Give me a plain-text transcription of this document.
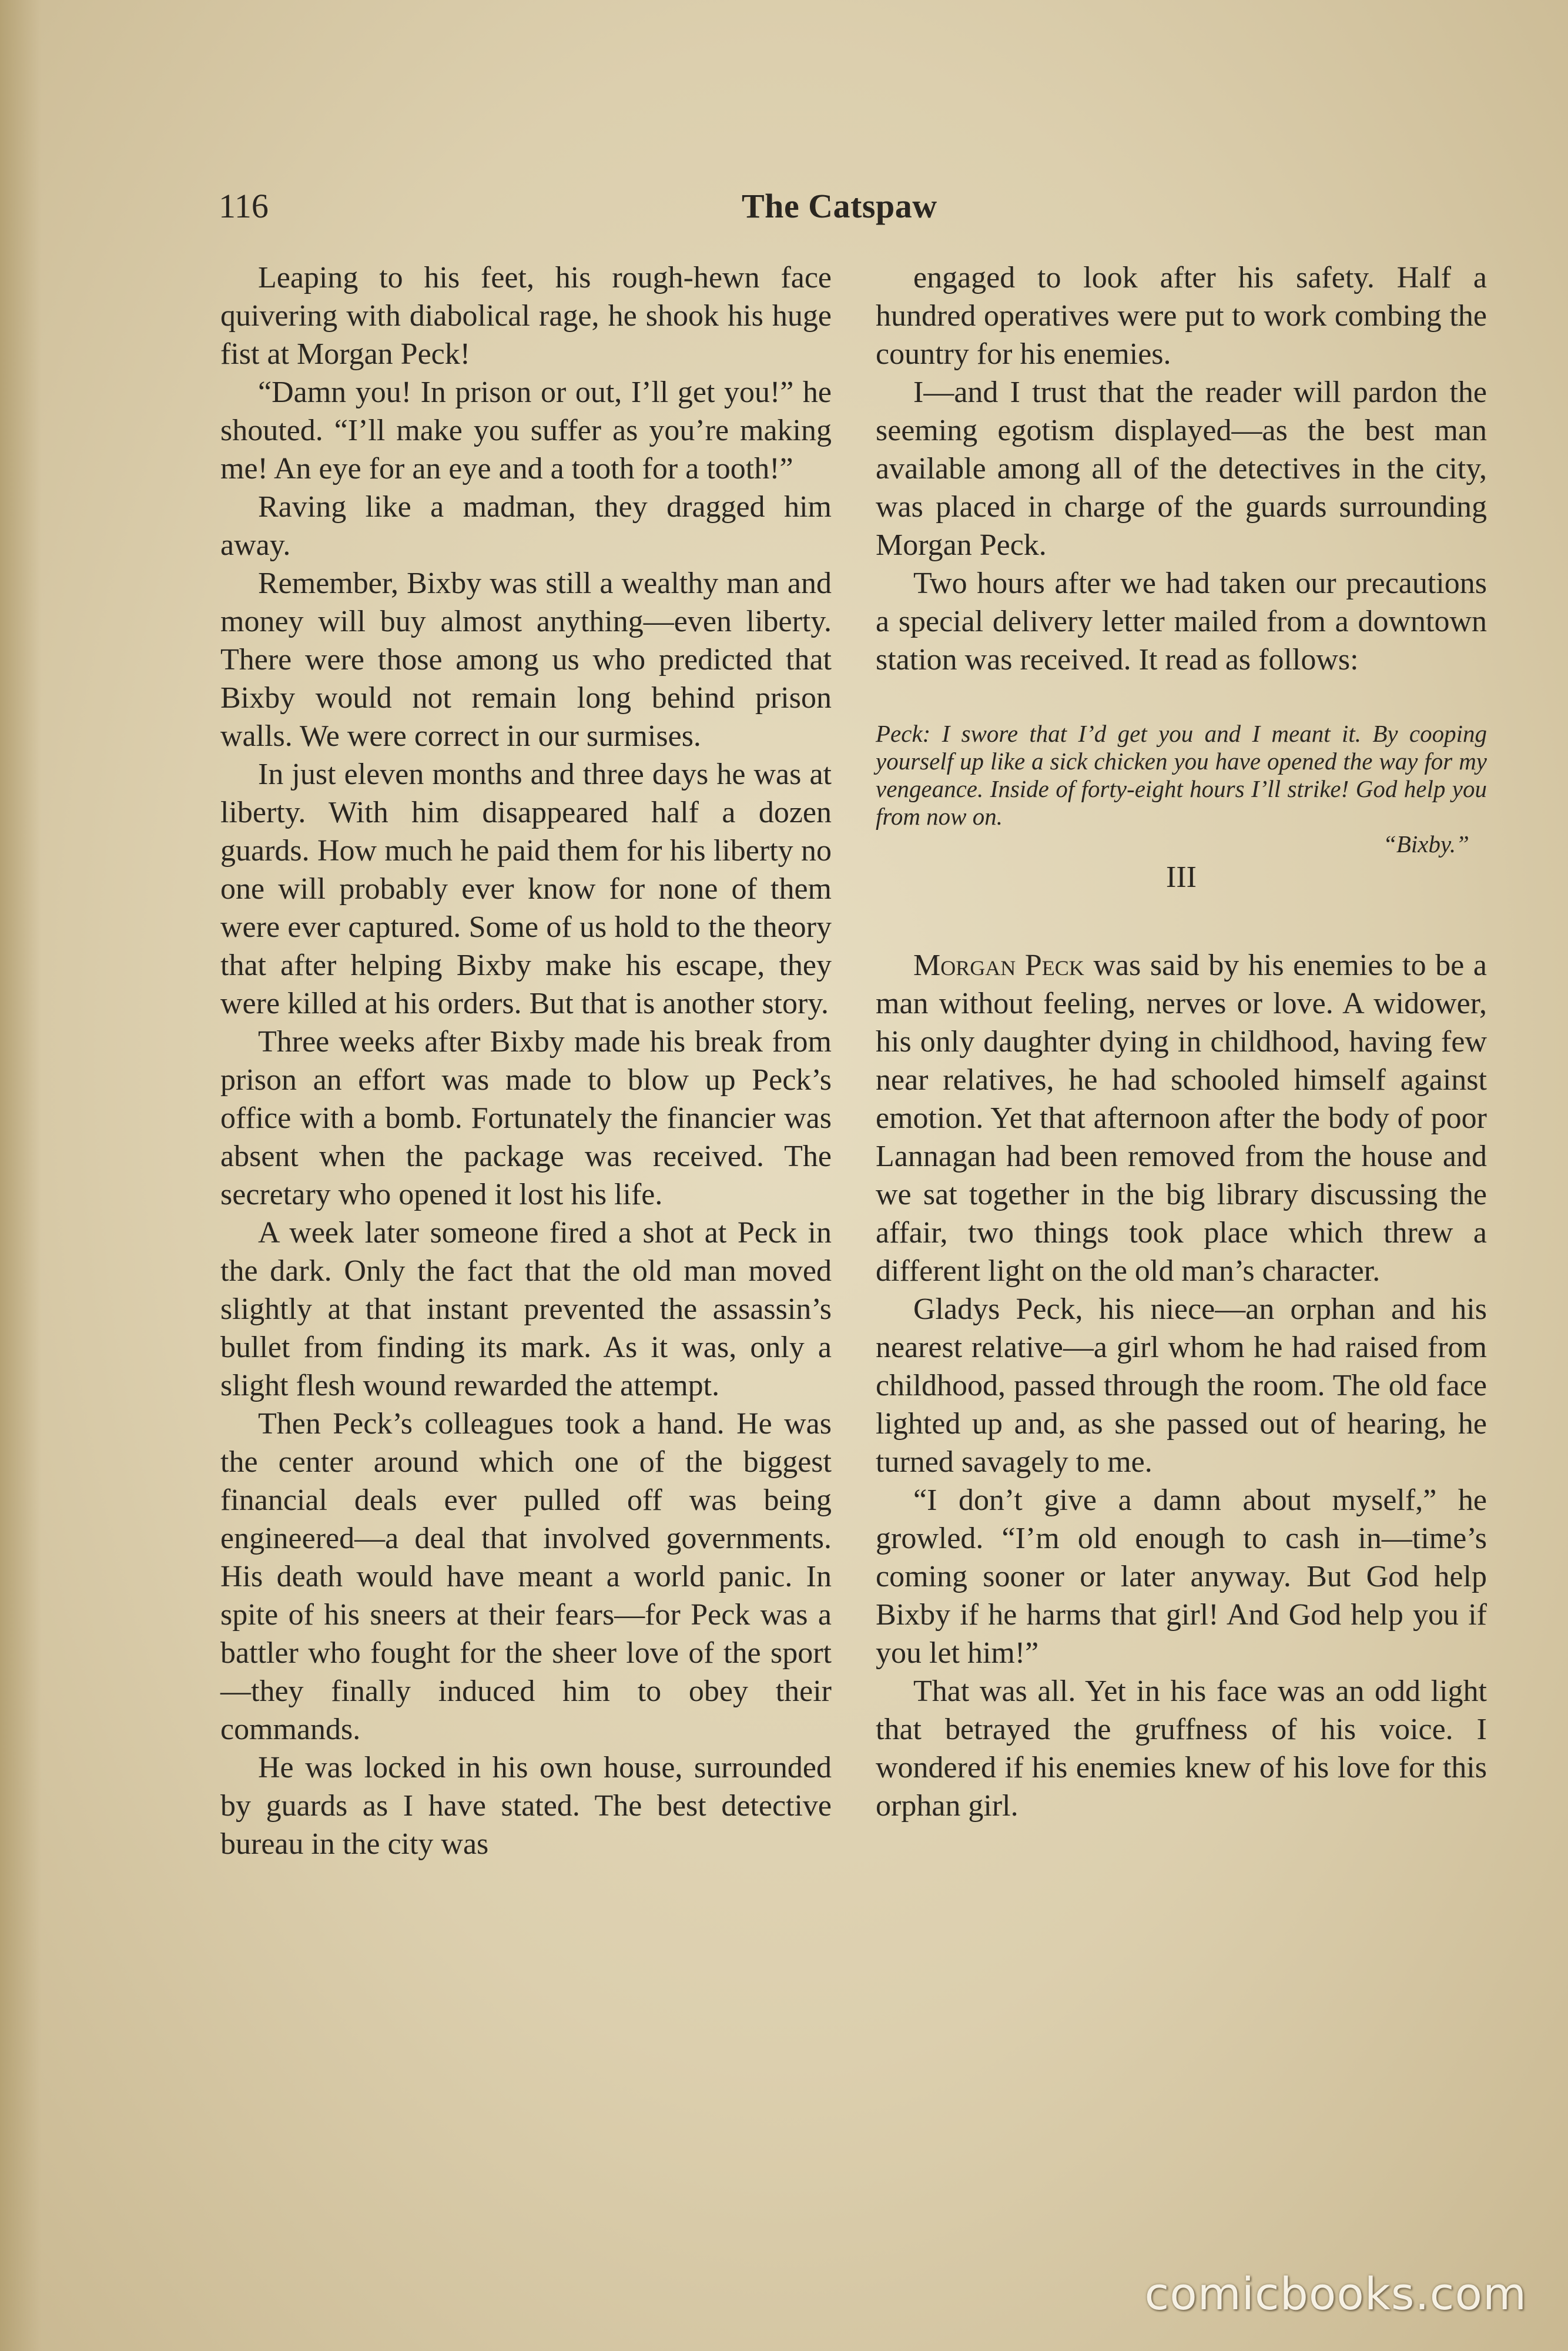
116	The Catspaw

Leaping to his feet, his rough-hewn face quivering with diabolical rage, he shook his huge fist at Morgan Peck!

“Damn you! In prison or out, I’ll get you!” he shouted. “I’ll make you suffer as you’re making me! An eye for an eye and a tooth for a tooth!”

Raving like a madman, they dragged him away.

Remember, Bixby was still a wealthy man and money will buy almost anything—even liberty. There were those among us who predicted that Bixby would not remain long behind prison walls. We were correct in our surmises.

In just eleven months and three days he was at liberty. With him disappeared half a dozen guards. How much he paid them for his liberty no one will probably ever know for none of them were ever captured. Some of us hold to the theory that after helping Bixby make his escape, they were killed at his orders. But that is another story.

Three weeks after Bixby made his break from prison an effort was made to blow up Peck’s office with a bomb. Fortunately the financier was absent when the package was received. The secretary who opened it lost his life.

A week later someone fired a shot at Peck in the dark. Only the fact that the old man moved slightly at that instant prevented the assassin’s bullet from finding its mark. As it was, only a slight flesh wound rewarded the attempt.

Then Peck’s colleagues took a hand. He was the center around which one of the biggest financial deals ever pulled off was being engineered—a deal that involved governments. His death would have meant a world panic. In spite of his sneers at their fears—for Peck was a battler who fought for the sheer love of the sport—they finally induced him to obey their commands.

He was locked in his own house, surrounded by guards as I have stated. The best detective bureau in the city was

engaged to look after his safety. Half a hundred operatives were put to work combing the country for his enemies.

I—and I trust that the reader will pardon the seeming egotism displayed—as the best man available among all of the detectives in the city, was placed in charge of the guards surrounding Morgan Peck.

Two hours after we had taken our precautions a special delivery letter mailed from a downtown station was received. It read as follows:

Peck: I swore that I’d get you and I meant it. By cooping yourself up like a sick chicken you have opened the way for my vengeance. Inside of forty-eight hours I’ll strike! God help you from now on.

“Bixby.”

III

Morgan Peck was said by his enemies to be a man without feeling, nerves or love. A widower, his only daughter dying in childhood, having few near relatives, he had schooled himself against emotion. Yet that afternoon after the body of poor Lannagan had been removed from the house and we sat together in the big library discussing the affair, two things took place which threw a different light on the old man’s character.

Gladys Peck, his niece—an orphan and his nearest relative—a girl whom he had raised from childhood, passed through the room. The old face lighted up and, as she passed out of hearing, he turned savagely to me.

“I don’t give a damn about myself,” he growled. “I’m old enough to cash in—time’s coming sooner or later anyway. But God help Bixby if he harms that girl! And God help you if you let him!”

That was all. Yet in his face was an odd light that betrayed the gruffness of his voice. I wondered if his enemies knew of his love for this orphan girl.

comicbooks.com
